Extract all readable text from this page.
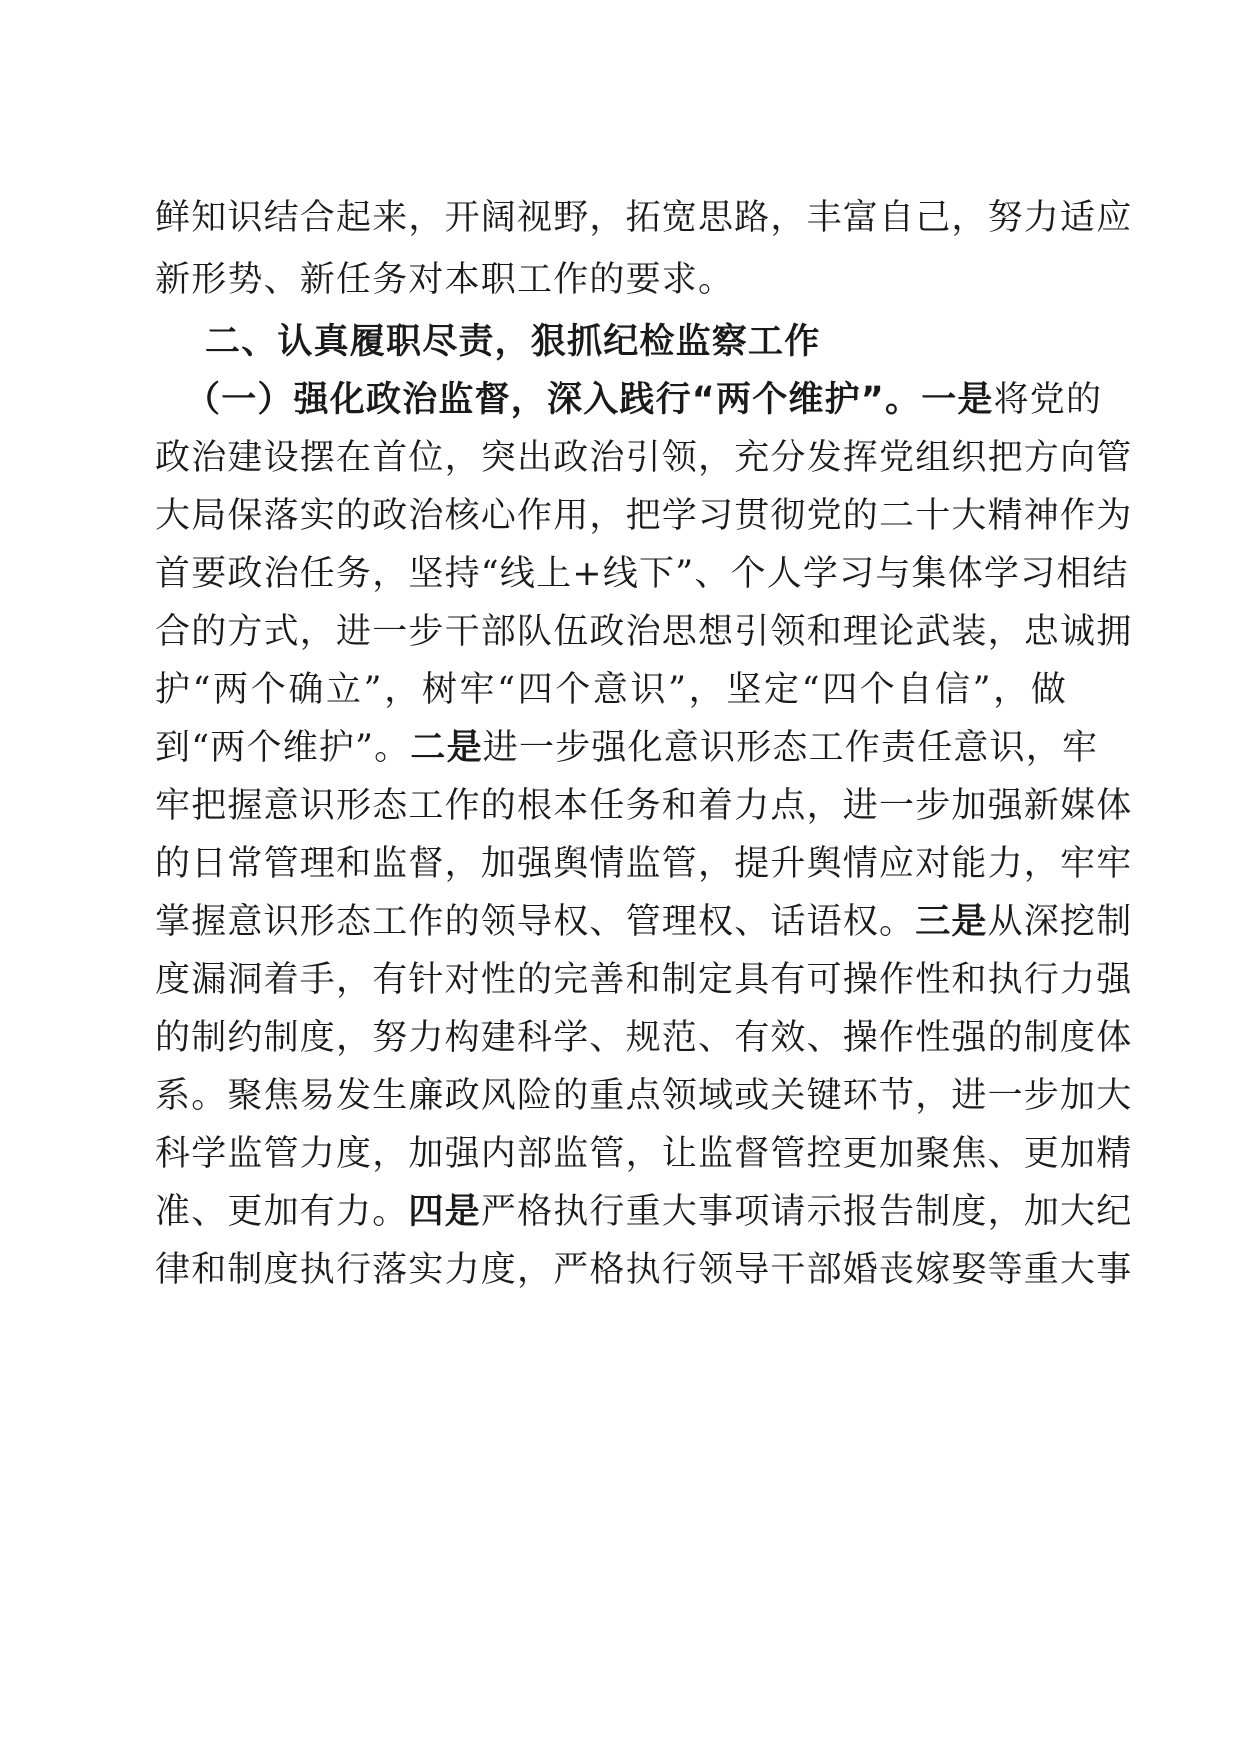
鲜知识结合起来，开阔视野，拓宽思路，丰富自己，努力适应
新形势、新任务对本职工作的要求。
二、认真履职尽责，狠抓纪检监察工作
（一）强化政治监督，深入践行“两个维护”。一是将党的
政治建设摆在首位，突出政治引领，充分发挥党组织把方向管
大局保落实的政治核心作用，把学习贯彻党的二十大精神作为
首要政治任务，坚持“线上+线下”、个人学习与集体学习相结
合的方式，进一步干部队伍政治思想引领和理论武装，忠诚拥
护“两个确立”，树牢“四个意识”，坚定“四个自信”，做
到“两个维护”。二是进一步强化意识形态工作责任意识，牢
牢把握意识形态工作的根本任务和着力点，进一步加强新媒体
的日常管理和监督，加强舆情监管，提升舆情应对能力，牢牢
掌握意识形态工作的领导权、管理权、话语权。三是从深挖制
度漏洞着手，有针对性的完善和制定具有可操作性和执行力强
的制约制度，努力构建科学、规范、有效、操作性强的制度体
系。聚焦易发生廉政风险的重点领域或关键环节，进一步加大
科学监管力度，加强内部监管，让监督管控更加聚焦、更加精
准、更加有力。四是严格执行重大事项请示报告制度，加大纪
律和制度执行落实力度，严格执行领导干部婚丧嫁娶等重大事
